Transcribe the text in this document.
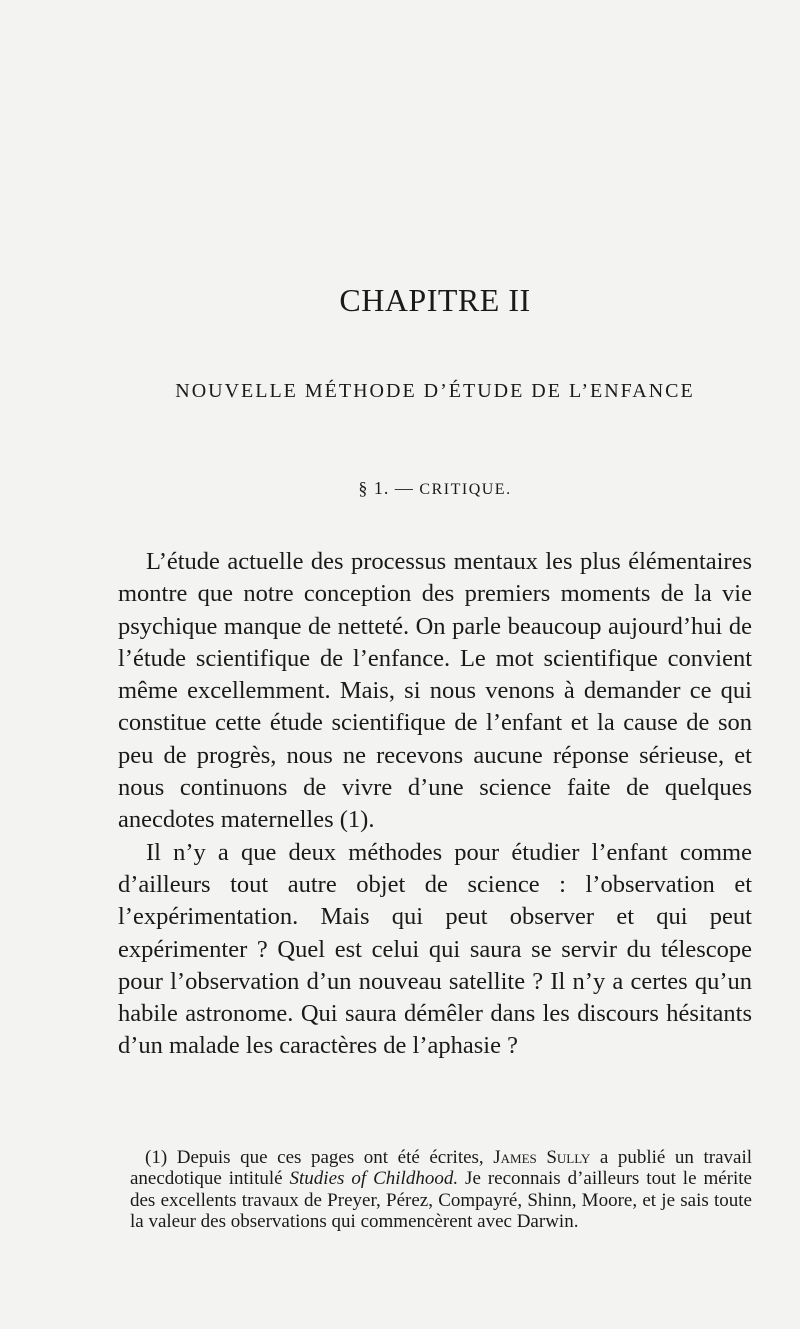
CHAPITRE II
NOUVELLE MÉTHODE D’ÉTUDE DE L’ENFANCE
§ 1. — CRITIQUE.

L’étude actuelle des processus mentaux les plus élémentaires montre que notre conception des premiers moments de la vie psychique manque de netteté. On parle beaucoup aujourd’hui de l’étude scientifique de l’enfance. Le mot scientifique convient même excellemment. Mais, si nous venons à demander ce qui constitue cette étude scientifique de l’enfant et la cause de son peu de progrès, nous ne recevons aucune réponse sérieuse, et nous continuons de vivre d’une science faite de quelques anecdotes maternelles (1).

Il n’y a que deux méthodes pour étudier l’enfant comme d’ailleurs tout autre objet de science : l’observation et l’expérimentation. Mais qui peut observer et qui peut expérimenter ? Quel est celui qui saura se servir du télescope pour l’observation d’un nouveau satellite ? Il n’y a certes qu’un habile astronome. Qui saura démêler dans les discours hésitants d’un malade les caractères de l’aphasie ?

(1) Depuis que ces pages ont été écrites, James Sully a publié un travail anecdotique intitulé Studies of Childhood. Je reconnais d’ailleurs tout le mérite des excellents travaux de Preyer, Pérez, Compayré, Shinn, Moore, et je sais toute la valeur des observations qui commencèrent avec Darwin.
